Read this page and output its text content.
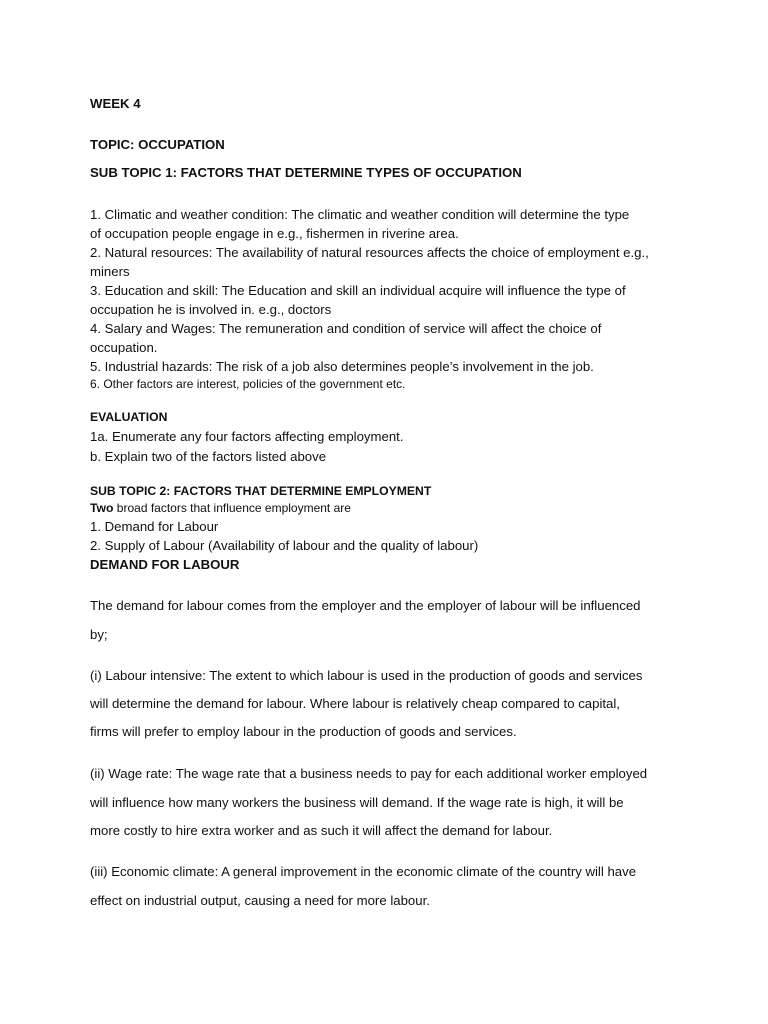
WEEK 4
TOPIC: OCCUPATION
SUB TOPIC 1: FACTORS THAT DETERMINE TYPES OF OCCUPATION
1. Climatic and weather condition: The climatic and weather condition will determine the type
of occupation people engage in e.g., fishermen in riverine area.
2. Natural resources: The availability of natural resources affects the choice of employment e.g.,
miners
3. Education and skill: The Education and skill an individual acquire will influence the type of
occupation he is involved in. e.g., doctors
4. Salary and Wages: The remuneration and condition of service will affect the choice of
occupation.
5. Industrial hazards: The risk of a job also determines people’s involvement in the job.
6. Other factors are interest, policies of the government etc.
EVALUATION
1a. Enumerate any four factors affecting employment.
b. Explain two of the factors listed above
SUB TOPIC 2: FACTORS THAT DETERMINE EMPLOYMENT
Two broad factors that influence employment are
1. Demand for Labour
2. Supply of Labour (Availability of labour and the quality of labour)
DEMAND FOR LABOUR
The demand for labour comes from the employer and the employer of labour will be influenced
by;
(i) Labour intensive: The extent to which labour is used in the production of goods and services
will determine the demand for labour. Where labour is relatively cheap compared to capital,
firms will prefer to employ labour in the production of goods and services.
(ii) Wage rate: The wage rate that a business needs to pay for each additional worker employed
will influence how many workers the business will demand. If the wage rate is high, it will be
more costly to hire extra worker and as such it will affect the demand for labour.
(iii) Economic climate: A general improvement in the economic climate of the country will have
effect on industrial output, causing a need for more labour.
